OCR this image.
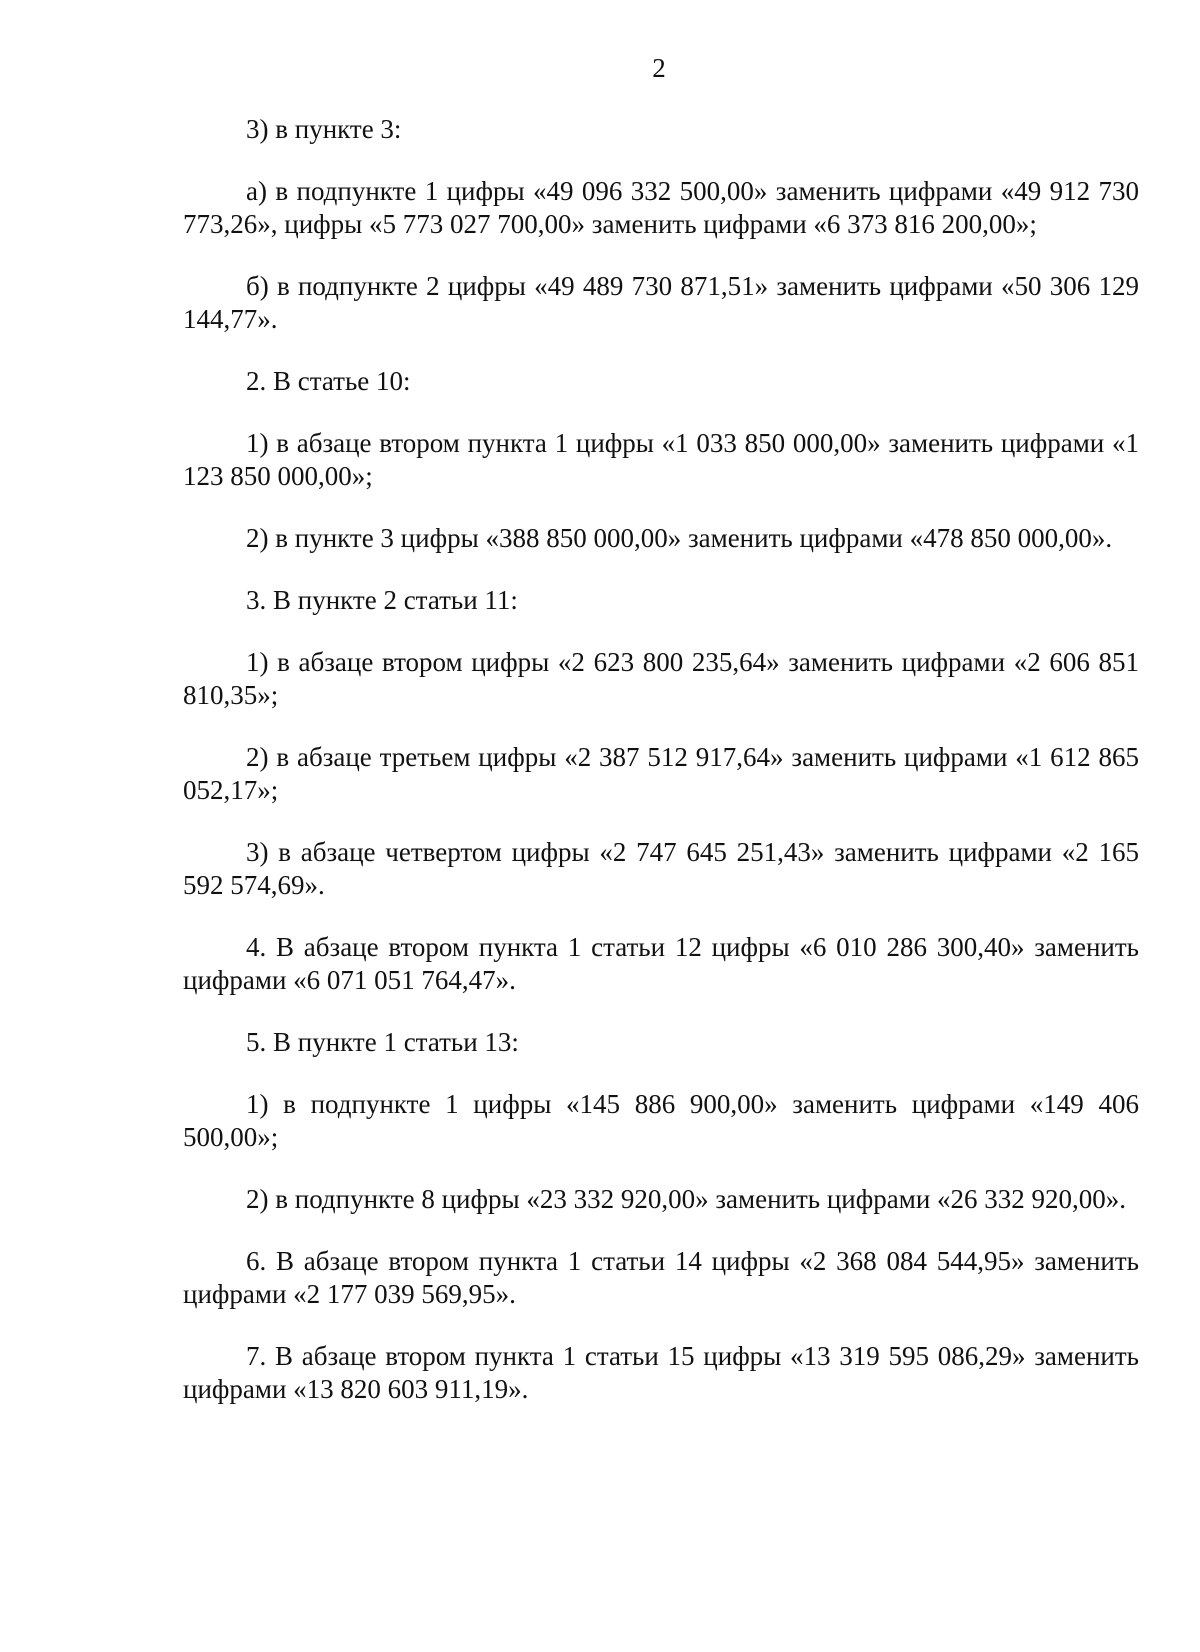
2

3) в пункте 3:

а) в подпункте 1 цифры «49 096 332 500,00» заменить цифрами «49 912 730 773,26», цифры «5 773 027 700,00» заменить цифрами «6 373 816 200,00»;

б) в подпункте 2 цифры «49 489 730 871,51» заменить цифрами «50 306 129 144,77».

2. В статье 10:

1) в абзаце втором пункта 1 цифры «1 033 850 000,00» заменить цифрами «1 123 850 000,00»;

2) в пункте 3 цифры «388 850 000,00» заменить цифрами «478 850 000,00».

3. В пункте 2 статьи 11:

1) в абзаце втором цифры «2 623 800 235,64» заменить цифрами «2 606 851 810,35»;

2) в абзаце третьем цифры «2 387 512 917,64» заменить цифрами «1 612 865 052,17»;

3) в абзаце четвертом цифры «2 747 645 251,43» заменить цифрами «2 165 592 574,69».

4. В абзаце втором пункта 1 статьи 12 цифры «6 010 286 300,40» заменить цифрами «6 071 051 764,47».

5. В пункте 1 статьи 13:

1) в подпункте 1 цифры «145 886 900,00» заменить цифрами «149 406 500,00»;

2) в подпункте 8 цифры «23 332 920,00» заменить цифрами «26 332 920,00».

6. В абзаце втором пункта 1 статьи 14 цифры «2 368 084 544,95» заменить цифрами «2 177 039 569,95».

7. В абзаце втором пункта 1 статьи 15 цифры «13 319 595 086,29» заменить цифрами «13 820 603 911,19».
